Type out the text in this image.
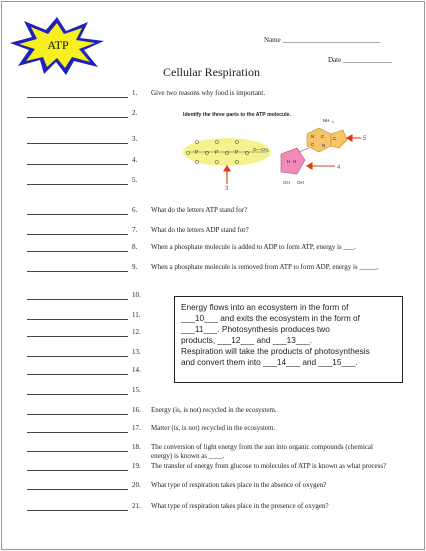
ATP	Name ____________________________
Date ______________
Cellular Respiration
Identify the three parts to the ATP molecule.
P	P	P
O	O	O	O
O	O	O
O	O	O
O—CH 2
H H
OH OH
N C
C N
C
NH 2
3
4
5
1. Give two reasons why food is important.
2.
3.
4.
5.
6. What do the letters ATP stand for?
7. What do the letters ADP stand for?
8. When a phosphate molecule is added to ADP to form ATP, energy is ___.
9. When a phosphate molecule is removed from ATP to form ADP, energy is _____.
10.
11.
12.
13.
14.
15.
16. Energy (is, is not) recycled in the ecosystem.
17. Matter (is, is not) recycled in the ecosystem.
18. The conversion of light energy from the sun into organic compounds (chemical energy) is known as ____.
19. The transfer of energy from glucose to molecules of ATP is known as what process?
20. What type of respiration takes place in the absence of oxygen?
21. What type of respiration takes place in the presence of oxygen?
Energy flows into an ecosystem in the form of
___10___ and exits the ecosystem in the form of
___11___. Photosynthesis produces two
products, ___12___ and ___13___.
Respiration will take the products of photosynthesis
and convert them into ___14___ and ___15___.
